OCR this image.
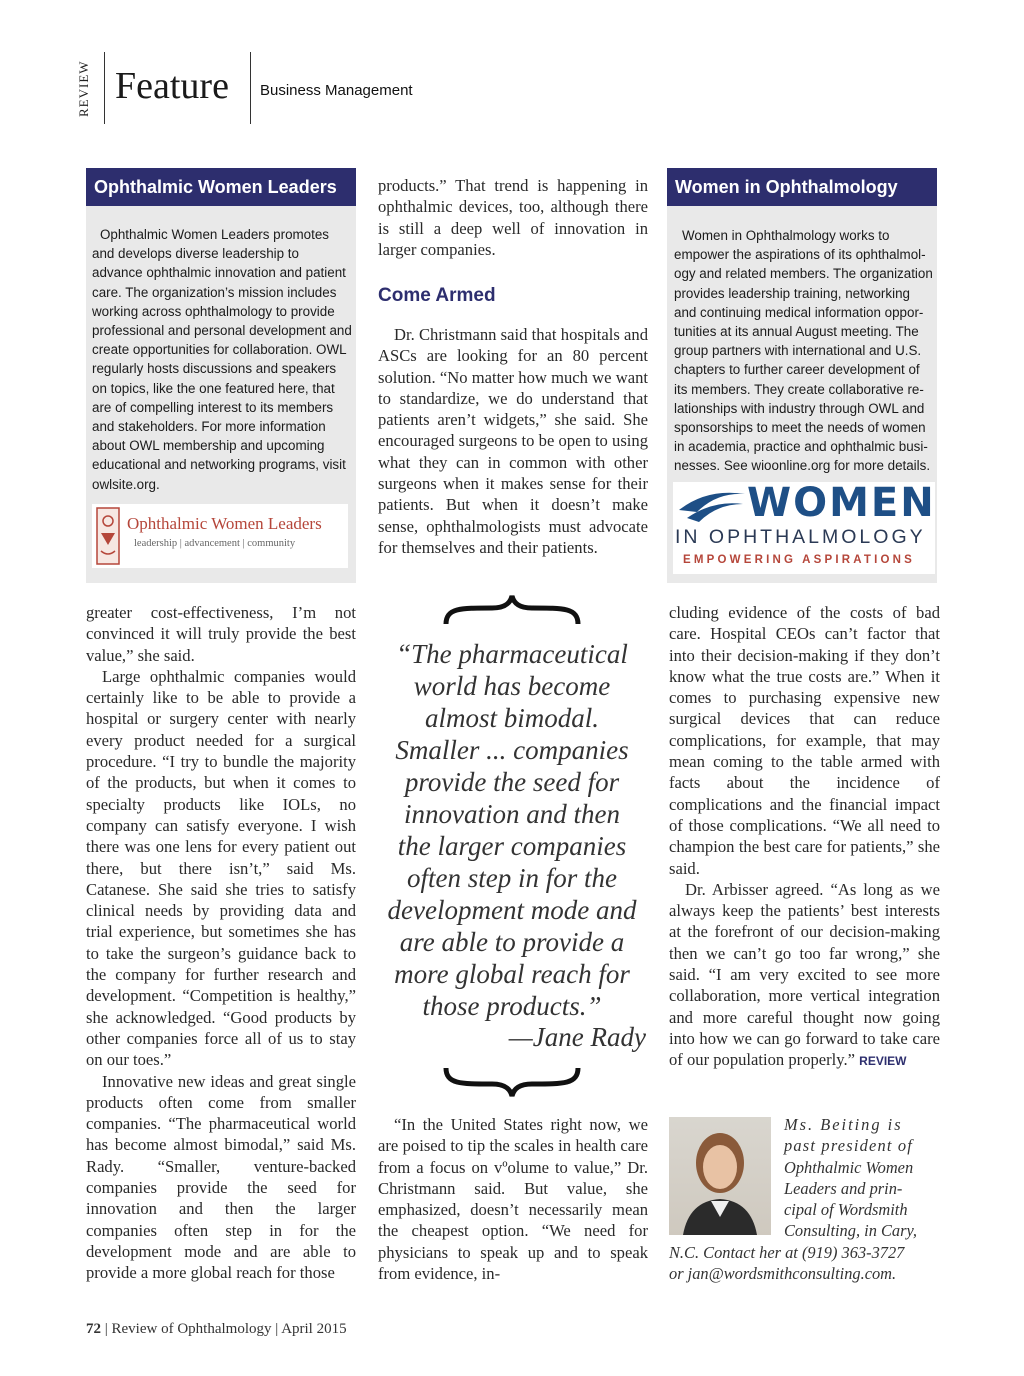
REVIEW Feature Business Management
Ophthalmic Women Leaders
Ophthalmic Women Leaders promotes
and develops diverse leadership to
advance ophthalmic innovation and patient
care. The organization’s mission includes
working across ophthalmology to provide
professional and personal development and
create opportunities for collaboration. OWL
regularly hosts discussions and speakers
on topics, like the one featured here, that
are of compelling interest to its members
and stakeholders. For more information
about OWL membership and upcoming
educational and networking programs, visit
owlsite.org.
Ophthalmic Women Leaders
leadership | advancement | community
Women in Ophthalmology
Women in Ophthalmology works to
empower the aspirations of its ophthalmol-
ogy and related members. The organization
provides leadership training, networking
and continuing medical information oppor-
tunities at its annual August meeting. The
group partners with international and U.S.
chapters to further career development of
its members. They create collaborative re-
lationships with industry through OWL and
sponsorships to meet the needs of women
in academia, practice and ophthalmic busi-
nesses. See wioonline.org for more details.
WOMEN
IN OPHTHALMOLOGY
EMPOWERING ASPIRATIONS

products.” That trend is happening in ophthalmic devices, too, although there is still a deep well of innovation in larger companies.

Come Armed

Dr. Christmann said that hospitals and ASCs are looking for an 80 percent solution. “No matter how much we want to standardize, we do understand that patients aren’t widgets,” she said. She encouraged surgeons to be open to using what they can in common with other surgeons when it makes sense for their patients. But when it doesn’t make sense, ophthalmologists must advocate for themselves and their patients.

greater cost-effectiveness, I’m not convinced it will truly provide the best value,” she said.

Large ophthalmic companies would certainly like to be able to provide a hospital or surgery center with nearly every product needed for a surgical procedure. “I try to bundle the majority of the products, but when it comes to specialty products like IOLs, no company can satisfy everyone. I wish there was one lens for every patient out there, but there isn’t,” said Ms. Catanese. She said she tries to satisfy clinical needs by providing data and trial experience, but sometimes she has to take the surgeon’s guidance back to the company for further research and development. “Competition is healthy,” she acknowledged. “Good products by other companies force all of us to stay on our toes.”

Innovative new ideas and great single products often come from smaller companies. “The pharmaceutical world has become almost bimodal,” said Ms. Rady. “Smaller, venture-backed companies provide the seed for innovation and then the larger companies often step in for the development mode and are able to provide a more global reach for those

“The pharmaceutical
world has become
almost bimodal.
Smaller ... companies
provide the seed for
innovation and then
the larger companies
often step in for the
development mode and
are able to provide a
more global reach for
those products.”
—Jane Rady

“In the United States right now, we are poised to tip the scales in health care from a focus on vºolume to value,” Dr. Christmann said. But value, she emphasized, doesn’t necessarily mean the cheapest option. “We need for physicians to speak up and to speak from evidence, in-

cluding evidence of the costs of bad care. Hospital CEOs can’t factor that into their decision-making if they don’t know what the true costs are.” When it comes to purchasing expensive new surgical devices that can reduce complications, for example, that may mean coming to the table armed with facts about the incidence of complications and the financial impact of those complications. “We all need to champion the best care for patients,” she said.

Dr. Arbisser agreed. “As long as we always keep the patients’ best interests at the forefront of our decision-making then we can’t go too far wrong,” she said. “I am very excited to see more collaboration, more vertical integration and more careful thought now going into how we can go forward to take care of our population properly.” REVIEW

Ms. Beiting is
past president of
Ophthalmic Women
Leaders and prin-
cipal of Wordsmith
Consulting, in Cary,
N.C. Contact her at (919) 363-3727
or jan@wordsmithconsulting.com.
72 | Review of Ophthalmology | April 2015
